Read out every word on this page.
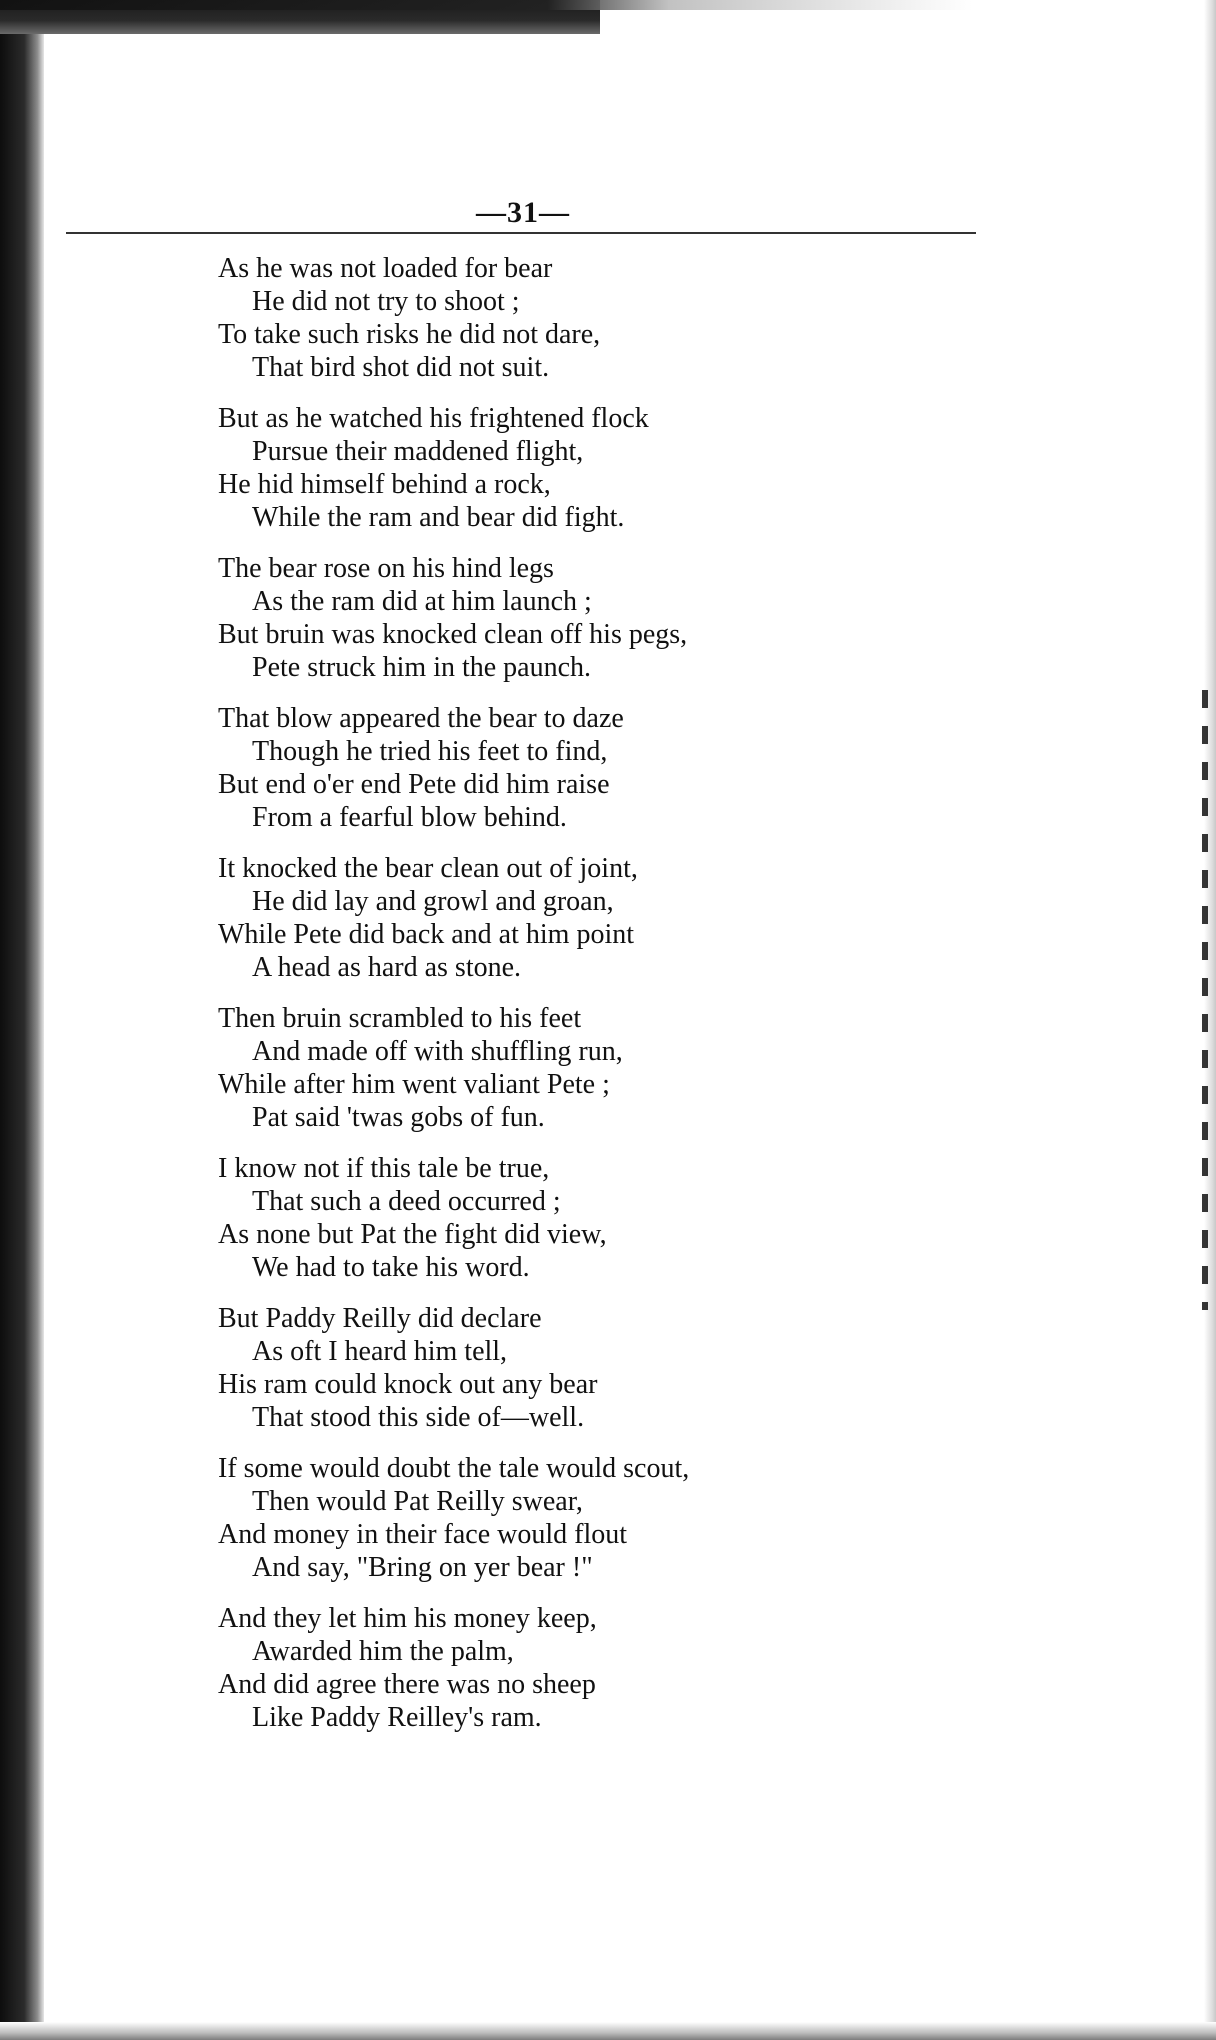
—31—
As he was not loaded for bear
He did not try to shoot ;
To take such risks he did not dare,
That bird shot did not suit.
But as he watched his frightened flock
Pursue their maddened flight,
He hid himself behind a rock,
While the ram and bear did fight.
The bear rose on his hind legs
As the ram did at him launch ;
But bruin was knocked clean off his pegs,
Pete struck him in the paunch.
That blow appeared the bear to daze
Though he tried his feet to find,
But end o'er end Pete did him raise
From a fearful blow behind.
It knocked the bear clean out of joint,
He did lay and growl and groan,
While Pete did back and at him point
A head as hard as stone.
Then bruin scrambled to his feet
And made off with shuffling run,
While after him went valiant Pete ;
Pat said 'twas gobs of fun.
I know not if this tale be true,
That such a deed occurred ;
As none but Pat the fight did view,
We had to take his word.
But Paddy Reilly did declare
As oft I heard him tell,
His ram could knock out any bear
That stood this side of—well.
If some would doubt the tale would scout,
Then would Pat Reilly swear,
And money in their face would flout
And say, "Bring on yer bear !"
And they let him his money keep,
Awarded him the palm,
And did agree there was no sheep
Like Paddy Reilley's ram.
